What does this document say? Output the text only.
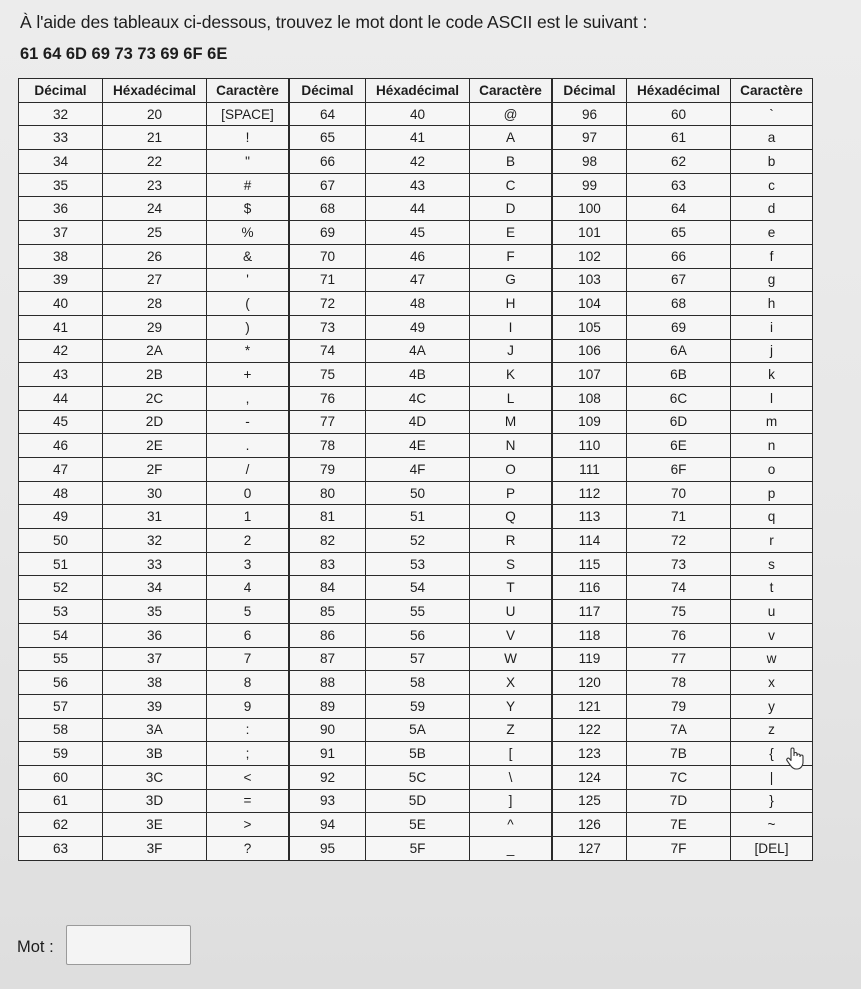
À l'aide des tableaux ci-dessous, trouvez le mot dont le code ASCII est le suivant :
61 64 6D 69 73 73 69 6F 6E
Décimal	Héxadécimal	Caractère
32	20	[SPACE]
33	21	!
34	22	"
35	23	#
36	24	$
37	25	%
38	26	&
39	27	'
40	28	(
41	29	)
42	2A	*
43	2B	+
44	2C	,
45	2D	-
46	2E	.
47	2F	/
48	30	0
49	31	1
50	32	2
51	33	3
52	34	4
53	35	5
54	36	6
55	37	7
56	38	8
57	39	9
58	3A	:
59	3B	;
60	3C	<
61	3D	=
62	3E	>
63	3F	?
Décimal	Héxadécimal	Caractère
64	40	@
65	41	A
66	42	B
67	43	C
68	44	D
69	45	E
70	46	F
71	47	G
72	48	H
73	49	I
74	4A	J
75	4B	K
76	4C	L
77	4D	M
78	4E	N
79	4F	O
80	50	P
81	51	Q
82	52	R
83	53	S
84	54	T
85	55	U
86	56	V
87	57	W
88	58	X
89	59	Y
90	5A	Z
91	5B	[
92	5C	\
93	5D	]
94	5E	^
95	5F	_
Décimal	Héxadécimal	Caractère
96	60	`
97	61	a
98	62	b
99	63	c
100	64	d
101	65	e
102	66	f
103	67	g
104	68	h
105	69	i
106	6A	j
107	6B	k
108	6C	l
109	6D	m
110	6E	n
111	6F	o
112	70	p
113	71	q
114	72	r
115	73	s
116	74	t
117	75	u
118	76	v
119	77	w
120	78	x
121	79	y
122	7A	z
123	7B	{
124	7C	|
125	7D	}
126	7E	~
127	7F	[DEL]
Mot :
